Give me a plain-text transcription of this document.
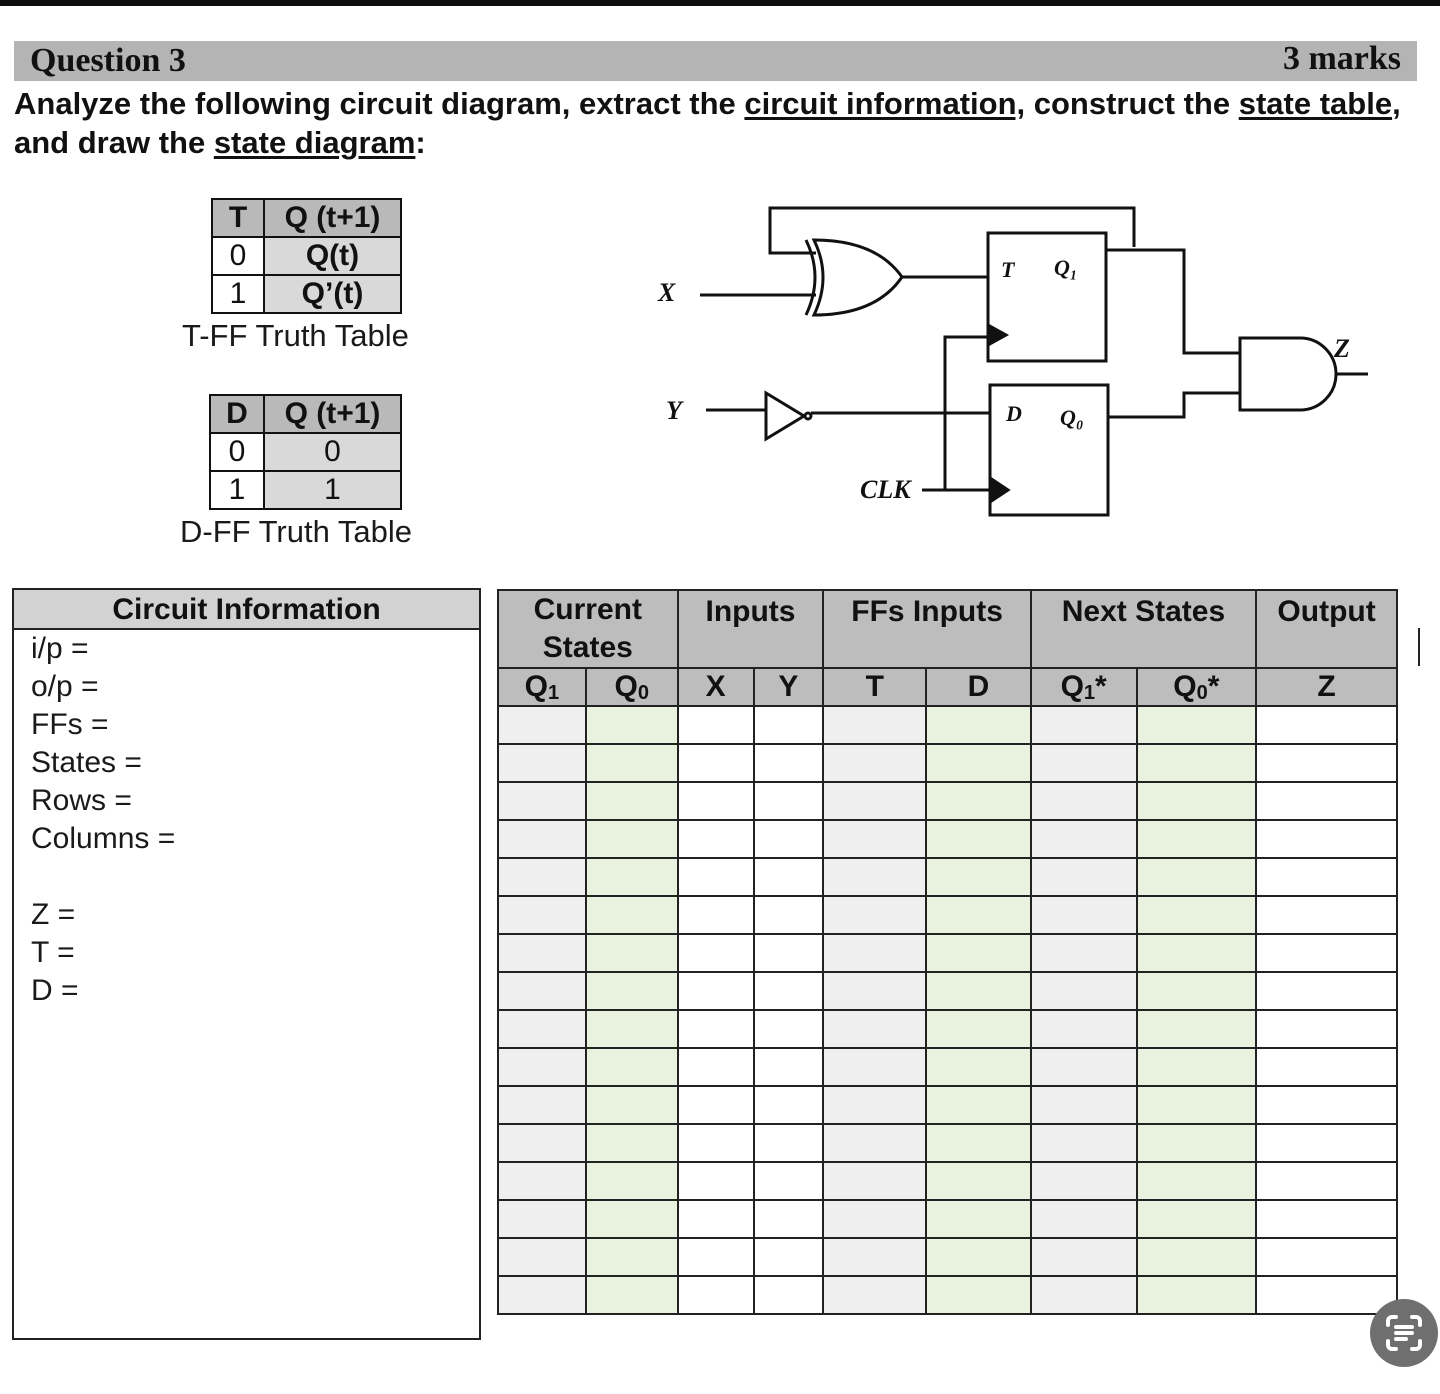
Question 3	3 marks
Analyze the following circuit diagram, extract the circuit information, construct the state table, and draw the state diagram:
T	Q (t+1)
0	Q(t)
1	Q’(t)
T-FF Truth Table
D	Q (t+1)
0	0
1	1
D-FF Truth Table
X
Y
CLK
Z
T Q₁
D Q₀
Circuit Information
i/p =
o/p =
FFs =
States =
Rows =
Columns =
Z =
T =
D =
Current States		Inputs		FFs Inputs		Next States		Output
Q1	Q0	X	Y	T	D	Q1*	Q0*	Z
